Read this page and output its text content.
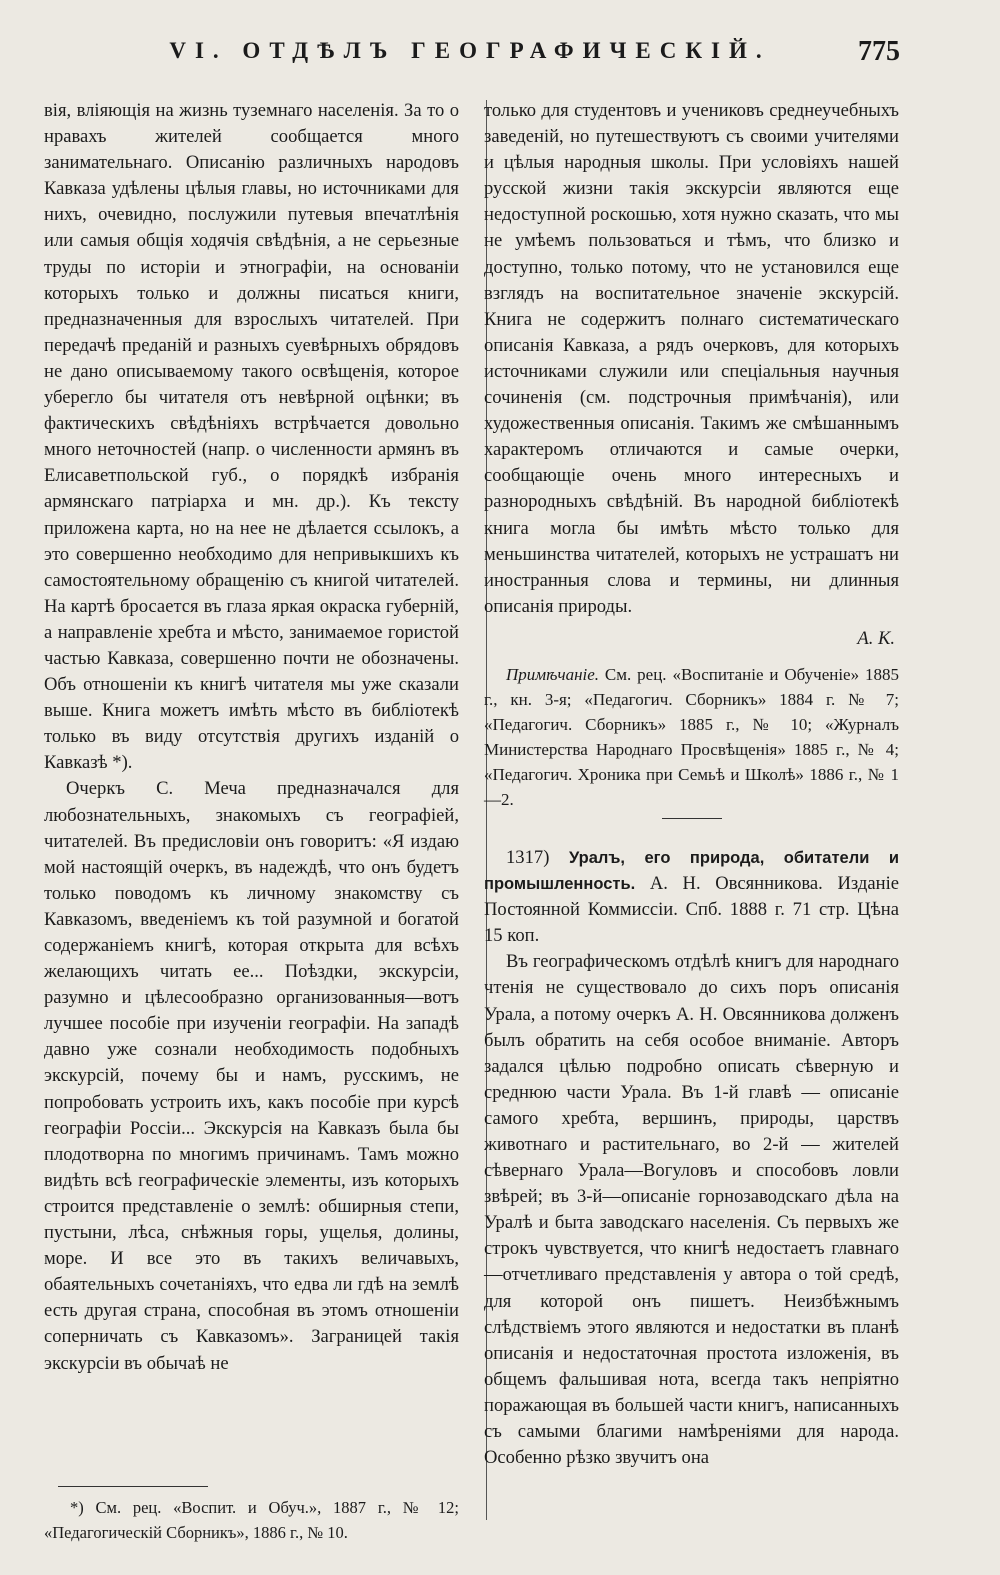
VI. ОТДѢЛЪ ГЕОГРАФИЧЕСКІЙ.	775

вія, вліяющія на жизнь туземнаго населенія. За то о нравахъ жителей сообщается много занимательнаго. Описанію различныхъ народовъ Кавказа удѣлены цѣлыя главы, но источниками для нихъ, очевидно, послужили путевыя впечатлѣнія или самыя общія ходячія свѣдѣнія, а не серьезные труды по исторіи и этнографіи, на основаніи которыхъ только и должны писаться книги, предназначенныя для взрослыхъ читателей. При передачѣ преданій и разныхъ суевѣрныхъ обрядовъ не дано описываемому такого освѣщенія, которое уберегло бы читателя отъ невѣрной оцѣнки; въ фактическихъ свѣдѣніяхъ встрѣчается довольно много неточностей (напр. о численности армянъ въ Елисаветпольской губ., о порядкѣ избранія армянскаго патріарха и мн. др.). Къ тексту приложена карта, но на нее не дѣлается ссылокъ, а это совершенно необходимо для непривыкшихъ къ самостоятельному обращенію съ книгой читателей. На картѣ бросается въ глаза яркая окраска губерній, а направленіе хребта и мѣсто, занимаемое гористой частью Кавказа, совершенно почти не обозначены. Объ отношеніи къ книгѣ читателя мы уже сказали выше. Книга можетъ имѣть мѣсто въ библіотекѣ только въ виду отсутствія другихъ изданій о Кавказѣ *).

Очеркъ С. Меча предназначался для любознательныхъ, знакомыхъ съ географіей, читателей. Въ предисловіи онъ говоритъ: «Я издаю мой настоящій очеркъ, въ надеждѣ, что онъ будетъ только поводомъ къ личному знакомству съ Кавказомъ, введеніемъ къ той разумной и богатой содержаніемъ книгѣ, которая открыта для всѣхъ желающихъ читать ее... Поѣздки, экскурсіи, разумно и цѣлесообразно организованныя—вотъ лучшее пособіе при изученіи географіи. На западѣ давно уже сознали необходимость подобныхъ экскурсій, почему бы и намъ, русскимъ, не попробовать устроить ихъ, какъ пособіе при курсѣ географіи Россіи... Экскурсія на Кавказъ была бы плодотворна по многимъ причинамъ. Тамъ можно видѣть всѣ географическіе элементы, изъ которыхъ строится представленіе о землѣ: обширныя степи, пустыни, лѣса, снѣжныя горы, ущелья, долины, море. И все это въ такихъ величавыхъ, обаятельныхъ сочетаніяхъ, что едва ли гдѣ на землѣ есть другая страна, способная въ этомъ отношеніи соперничать съ Кавказомъ». Заграницей такія экскурсіи въ обычаѣ не

только для студентовъ и учениковъ среднеучебныхъ заведеній, но путешествуютъ съ своими учителями и цѣлыя народныя школы. При условіяхъ нашей русской жизни такія экскурсіи являются еще недоступной роскошью, хотя нужно сказать, что мы не умѣемъ пользоваться и тѣмъ, что близко и доступно, только потому, что не установился еще взглядъ на воспитательное значеніе экскурсій. Книга не содержитъ полнаго систематическаго описанія Кавказа, а рядъ очерковъ, для которыхъ источниками служили или спеціальныя научныя сочиненія (см. подстрочныя примѣчанія), или художественныя описанія. Такимъ же смѣшаннымъ характеромъ отличаются и самые очерки, сообщающіе очень много интересныхъ и разнородныхъ свѣдѣній. Въ народной библіотекѣ книга могла бы имѣть мѣсто только для меньшинства читателей, которыхъ не устрашатъ ни иностранныя слова и термины, ни длинныя описанія природы.

А. К.

Примѣчаніе. См. рец. «Воспитаніе и Обученіе» 1885 г., кн. 3-я; «Педагогич. Сборникъ» 1884 г. № 7; «Педагогич. Сборникъ» 1885 г., № 10; «Журналъ Министерства Народнаго Просвѣщенія» 1885 г., № 4; «Педагогич. Хроника при Семьѣ и Школѣ» 1886 г., № 1—2.

1317) Уралъ, его природа, обитатели и промышленность. А. Н. Овсянникова. Изданіе Постоянной Коммиссіи. Спб. 1888 г. 71 стр. Цѣна 15 коп.

Въ географическомъ отдѣлѣ книгъ для народнаго чтенія не существовало до сихъ поръ описанія Урала, а потому очеркъ А. Н. Овсянникова долженъ былъ обратить на себя особое вниманіе. Авторъ задался цѣлью подробно описать сѣверную и среднюю части Урала. Въ 1-й главѣ — описаніе самого хребта, вершинъ, природы, царствъ животнаго и растительнаго, во 2-й — жителей сѣвернаго Урала—Вогуловъ и способовъ ловли звѣрей; въ 3-й—описаніе горнозаводскаго дѣла на Уралѣ и быта заводскаго населенія. Съ первыхъ же строкъ чувствуется, что книгѣ недостаетъ главнаго—отчетливаго представленія у автора о той средѣ, для которой онъ пишетъ. Неизбѣжнымъ слѣдствіемъ этого являются и недостатки въ планѣ описанія и недостаточная простота изложенія, въ общемъ фальшивая нота, всегда такъ непріятно поражающая въ большей части книгъ, написанныхъ съ самыми благими намѣреніями для народа. Особенно рѣзко звучитъ она

*) См. рец. «Воспит. и Обуч.», 1887 г., № 12; «Педагогическій Сборникъ», 1886 г., № 10.
